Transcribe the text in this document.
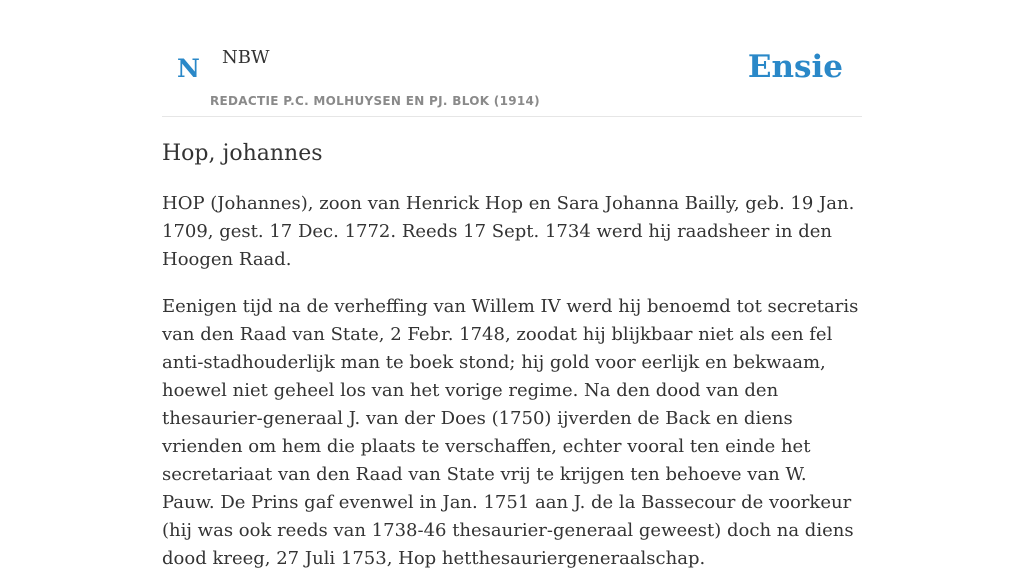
N NBW
REDACTIE P.C. MOLHUYSEN EN PJ. BLOK (1914)
Ensie
Hop, johannes

HOP (Johannes), zoon van Henrick Hop en Sara Johanna Bailly, geb. 19 Jan. 1709, gest. 17 Dec. 1772. Reeds 17 Sept. 1734 werd hij raadsheer in den Hoogen Raad.

Eenigen tijd na de verheffing van Willem IV werd hij benoemd tot secretaris van den Raad van State, 2 Febr. 1748, zoodat hij blijkbaar niet als een fel anti-stadhouderlijk man te boek stond; hij gold voor eerlijk en bekwaam, hoewel niet geheel los van het vorige regime. Na den dood van den thesaurier-generaal J. van der Does (1750) ijverden de Back en diens vrienden om hem die plaats te verschaffen, echter vooral ten einde het secretariaat van den Raad van State vrij te krijgen ten behoeve van W. Pauw. De Prins gaf evenwel in Jan. 1751 aan J. de la Bassecour de voorkeur (hij was ook reeds van 1738-46 thesaurier-generaal geweest) doch na diens dood kreeg, 27 Juli 1753, Hop hetthesauriergeneraalschap.
